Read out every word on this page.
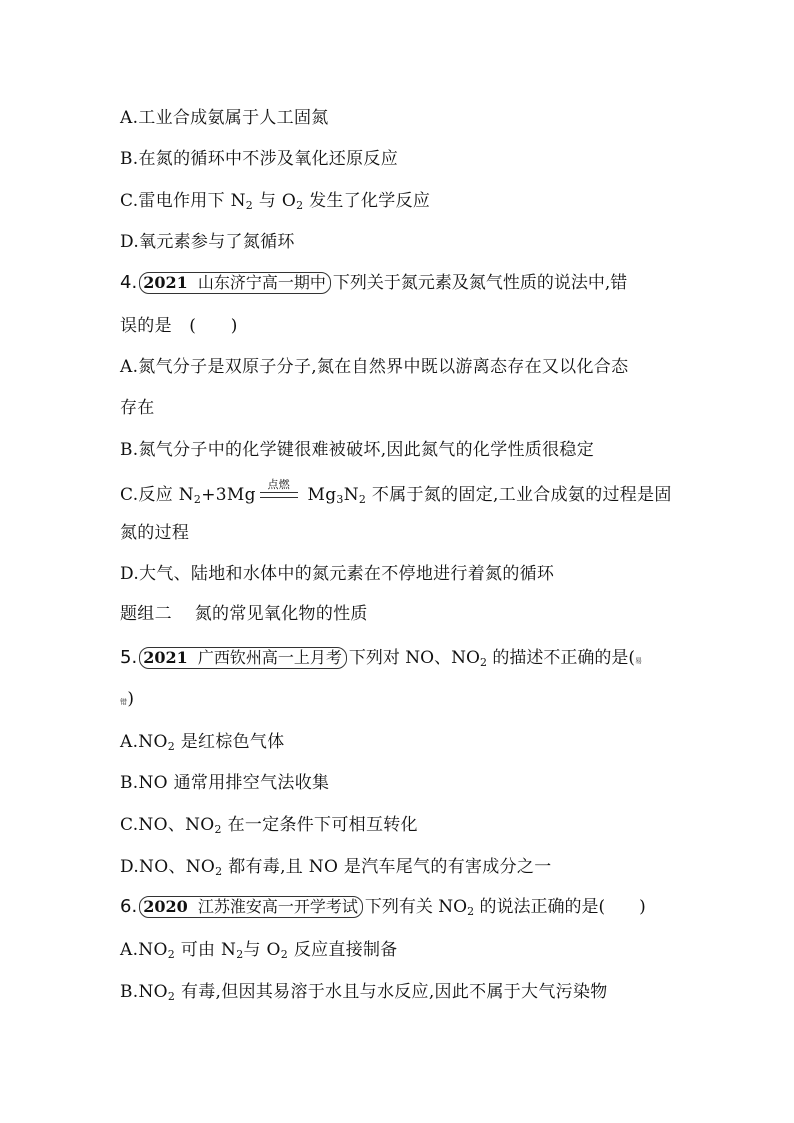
A.工业合成氨属于人工固氮
B.在氮的循环中不涉及氧化还原反应
C.雷电作用下 $N_2$ 与 $O_2$ 发生了化学反应
D.氧元素参与了氮循环
4. 2021 山东济宁高一期中 下列关于氮元素及氮气性质的说法中,错
误的是　(　　)
A.氮气分子是双原子分子,氮在自然界中既以游离态存在又以化合态
存在
B.氮气分子中的化学键很难被破坏,因此氮气的化学性质很稳定
C.反应 $N_2+3Mg$
点燃
$Mg_3N_2$ 不属于氮的固定,工业合成氨的过程是固
氮的过程
D.大气、陆地和水体中的氮元素在不停地进行着氮的循环
题组二 氮的常见氧化物的性质
5. 2021 广西钦州高一上月考 下列对 NO、$NO_2$ 的描述不正确的是(易
错)
$A.NO_2$ 是红棕色气体
B.NO 通常用排空气法收集
C.NO、$NO_2$ 在一定条件下可相互转化
D.NO、$NO_2$ 都有毒,且 NO 是汽车尾气的有害成分之一
6. 2020 江苏淮安高一开学考试 下列有关 $NO_2$ 的说法正确的是(　　)
$A.NO_2$ 可由 $N_2$与 $O_2$ 反应直接制备
$B.NO_2$ 有毒,但因其易溶于水且与水反应,因此不属于大气污染物
